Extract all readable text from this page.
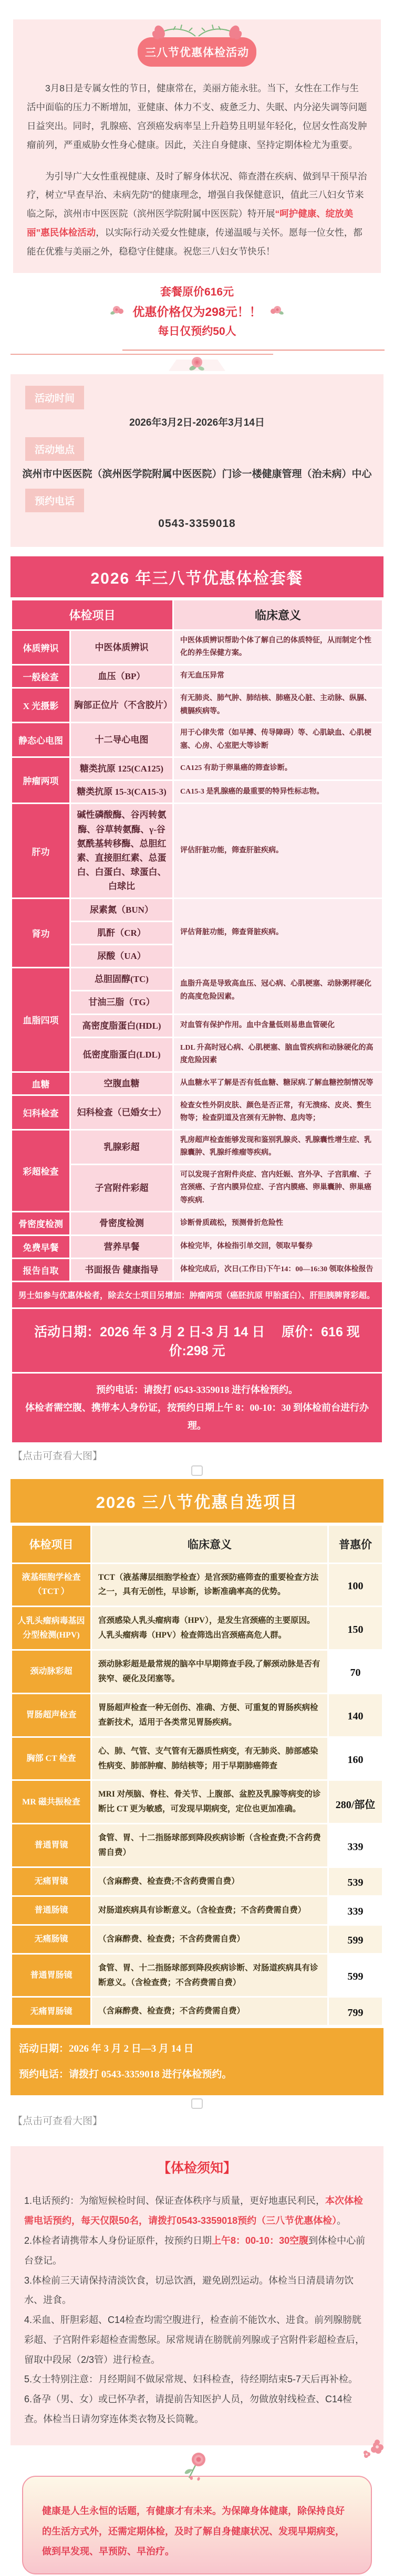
三八节优惠体检活动

3月8日是专属女性的节日，健康常在，美丽方能永驻。当下，女性在工作与生活中面临的压力不断增加，亚健康、体力不支、疲惫乏力、失眠、内分泌失调等问题日益突出。同时，乳腺癌、宫颈癌发病率呈上升趋势且明显年轻化，位居女性高发肿瘤前列，严重威胁女性身心健康。因此，关注自身健康、坚持定期体检尤为重要。

为引导广大女性重视健康、及时了解身体状况、筛查潜在疾病、做到早干预早治疗，树立“早查早治、未病先防”的健康理念，增强自我保健意识，值此三八妇女节来临之际，滨州市中医医院（滨州医学院附属中医医院）特开展“呵护健康、绽放美丽”惠民体检活动，以实际行动关爱女性健康，传递温暖与关怀。愿每一位女性，都能在优雅与美丽之外，稳稳守住健康。祝您三八妇女节快乐！

套餐原价616元
优惠价格仅为298元！！
每日仅预约50人
活动时间
2026年3月2日-2026年3月14日
活动地点
滨州市中医医院（滨州医学院附属中医医院）门诊一楼健康管理（治未病）中心
预约电话
0543-3359018
2026 年三八节优惠体检套餐
体检项目		临床意义
体质辨识	中医体质辨识	中医体质辨识帮助个体了解自己的体质特征，从而制定个性化的养生保健方案。
一般检查	血压（BP）	有无血压异常
X 光摄影	胸部正位片（不含胶片）	有无肺炎、肺气肿、肺结核、肺癌及心脏、主动脉、纵膈、横膈疾病等。
静态心电图	十二导心电图	用于心律失常（如早搏、传导障碍）等、心肌缺血、心肌梗塞、心房、心室肥大等诊断
肿瘤两项	糖类抗原 125(CA125)	CA125 有助于卵巢癌的筛查诊断。
	糖类抗原 15-3(CA15-3)	CA15-3 是乳腺癌的最重要的特异性标志物。
肝功	碱性磷酸酶、谷丙转氨酶、谷草转氨酶、γ-谷氨酰基转移酶、总胆红素、直接胆红素、总蛋白、白蛋白、球蛋白、白球比	评估肝脏功能，筛查肝脏疾病。
肾功	尿素氮（BUN）	评估肾脏功能，筛查肾脏疾病。
	肌酐（CR）	
	尿酸（UA）	
血脂四项	总胆固醇(TC)	血脂升高是导致高血压、冠心病、心肌梗塞、动脉粥样硬化的高度危险因素。
	甘油三脂（TG）	
	高密度脂蛋白(HDL)	对血管有保护作用。血中含量低则易患血管硬化
	低密度脂蛋白(LDL)	LDL 升高时冠心病、心肌梗塞、脑血管疾病和动脉硬化的高度危险因素
血糖	空腹血糖	从血糖水平了解是否有低血糖、糖尿病.了解血糖控制情况等
妇科检查	妇科检查（已婚女士）	检查女性外阴皮肤、颜色是否正常，有无溃疡、皮炎、赘生物等；检查阴道及宫颈有无肿物、息肉等；
彩超检查	乳腺彩超	乳房超声检查能够发现和鉴别乳腺炎、乳腺囊性增生症、乳腺囊肿、乳腺纤维瘤等疾病。
	子宫附件彩超	可以发现子宫附件炎症、宫内妊娠、宫外孕、子宫肌瘤、子宫颈癌、子宫内膜异位症、子宫内膜癌、卵巢囊肿、卵巢癌等疾病.
骨密度检测	骨密度检测	诊断骨质疏松，预测骨折危险性
免费早餐	营养早餐	体检完毕，体检指引单交回，领取早餐券
报告自取	书面报告 健康指导	体检完成后，次日(工作日)下午14：00—16:30 领取体检报告
男士如参与优惠体检者，除去女士项目另增加：肿瘤两项（癌胚抗原 甲胎蛋白）、肝胆胰脾肾彩超。		
活动日期：2026 年 3 月 2 日-3 月 14 日　 原价：616 现价:298 元		
预约电话：请拨打 0543-3359018 进行体检预约。
体检者需空腹、携带本人身份证，按预约日期上午 8：00-10：30 到体检前台进行办理。		
【点击可查看大图】
2026 三八节优惠自选项目
体检项目	临床意义	普惠价
液基细胞学检查（TCT ）	TCT（液基薄层细胞学检查）是宫颈防癌筛查的重要检查方法之一，具有无创性，早诊断，诊断准确率高的优势。	100
人乳头瘤病毒基因分型检测(HPV)	宫颈感染人乳头瘤病毒（HPV），是发生宫颈癌的主要原因。人乳头瘤病毒（HPV）检查筛选出宫颈癌高危人群。	150
颈动脉彩超	颈动脉彩超是最常规的脑卒中早期筛查手段,了解颈动脉是否有狭窄、硬化及闭塞等。	70
胃肠超声检查	胃肠超声检查一种无创伤、准确、方便、可重复的胃肠疾病检查新技术，适用于各类常见胃肠疾病。	140
胸部 CT 检查	心、肺、气管、支气管有无器质性病变，有无肺炎、肺部感染性病变、肺部肿瘤、肺结核等；用于早期肺癌筛查	160
MR 磁共振检查	MRI 对颅脑、脊柱、骨关节、上腹部、盆腔及乳腺等病变的诊断比 CT 更为敏感，可发现早期病变，定位也更加准确。	280/部位
普通胃镜	食管、胃、十二指肠球部到降段疾病诊断（含检查费;不含药费需自费）	339
无痛胃镜	（含麻醉费、检查费;不含药费需自费）	539
普通肠镜	对肠道疾病具有诊断意义。（含检查费；不含药费需自费）	339
无痛肠镜	（含麻醉费、检查费；不含药费需自费）	599
普通胃肠镜	食管、胃、十二指肠球部到降段疾病诊断、对肠道疾病具有诊断意义。（含检查费；不含药费需自费）	599
无痛胃肠镜	（含麻醉费、检查费；不含药费需自费）	799
活动日期：2026 年 3 月 2 日—3 月 14 日
预约电话：请拨打 0543-3359018 进行体检预约。
【点击可查看大图】
【体检须知】

1.电话预约：为缩短候检时间、保证查体秩序与质量，更好地惠民利民，本次体检需电话预约，每天仅限50名，请拨打0543-3359018预约（三八节优惠体检）。

2.体检者请携带本人身份证原件，按预约日期上午8：00-10：30空腹到体检中心前台登记。

3.体检前三天请保持清淡饮食，切忌饮酒，避免剧烈运动。体检当日清晨请勿饮水、进食。

4.采血、肝胆彩超、C14检查均需空腹进行，检查前不能饮水、进食。前列腺膀胱彩超、子宫附件彩超检查需憋尿。尿常规请在膀胱前列腺或子宫附件彩超检查后，留取中段尿（2/3管）进行检查。

5.女士特别注意：月经期间不做尿常规、妇科检查，待经期结束5-7天后再补检。

6.备孕（男、女）或已怀孕者，请提前告知医护人员，勿做放射线检查、C14检查。体检当日请勿穿连体类衣物及长筒靴。

健康是人生永恒的话题，有健康才有未来。为保障身体健康，除保持良好的生活方式外，还需定期体检，及时了解自身健康状况、发现早期病变，做到早发现、早预防、早治疗。
